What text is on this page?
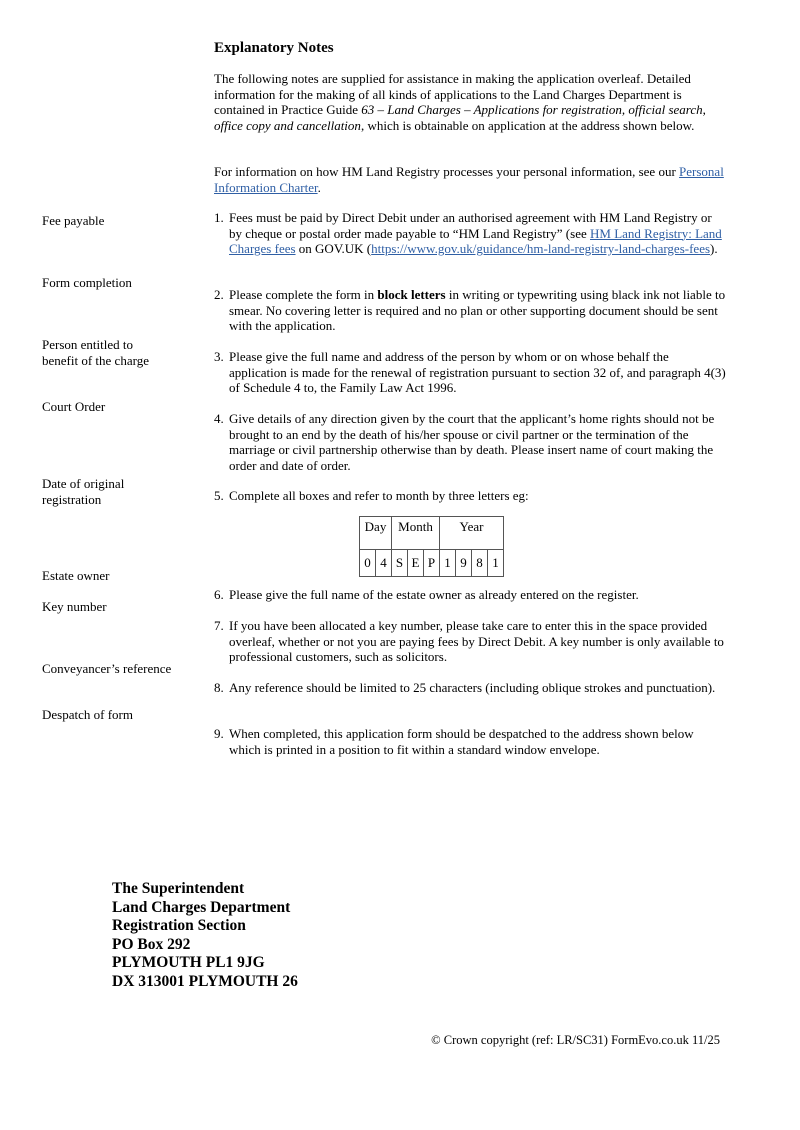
Explanatory Notes

The following notes are supplied for assistance in making the application overleaf. Detailed information for the making of all kinds of applications to the Land Charges Department is contained in Practice Guide 63 – Land Charges – Applications for registration, official search, office copy and cancellation, which is obtainable on application at the address shown below.

For information on how HM Land Registry processes your personal information, see our Personal Information Charter.

Fee payable
Form completion
Person entitled to
benefit of the charge
Court Order
Date of original
registration
Estate owner
Key number
Conveyancer’s reference
Despatch of form
1. Fees must be paid by Direct Debit under an authorised agreement with HM Land Registry or by cheque or postal order made payable to “HM Land Registry” (see HM Land Registry: Land Charges fees on GOV.UK (https://www.gov.uk/guidance/hm-land-registry-land-charges-fees).
2. Please complete the form in block letters in writing or typewriting using black ink not liable to smear. No covering letter is required and no plan or other supporting document should be sent with the application.
3. Please give the full name and address of the person by whom or on whose behalf the application is made for the renewal of registration pursuant to section 32 of, and paragraph 4(3) of Schedule 4 to, the Family Law Act 1996.
4. Give details of any direction given by the court that the applicant’s home rights should not be brought to an end by the death of his/her spouse or civil partner or the termination of the marriage or civil partnership otherwise than by death. Please insert name of court making the order and date of order.
5. Complete all boxes and refer to month by three letters eg:
Day		Month			Year			
0	4	S	E	P	1	9	8	1
6. Please give the full name of the estate owner as already entered on the register.
7. If you have been allocated a key number, please take care to enter this in the space provided overleaf, whether or not you are paying fees by Direct Debit. A key number is only available to professional customers, such as solicitors.
8. Any reference should be limited to 25 characters (including oblique strokes and punctuation).
9. When completed, this application form should be despatched to the address shown below which is printed in a position to fit within a standard window envelope.
The Superintendent
Land Charges Department
Registration Section
PO Box 292
PLYMOUTH PL1 9JG
DX 313001 PLYMOUTH 26
© Crown copyright (ref: LR/SC31) FormEvo.co.uk 11/25
